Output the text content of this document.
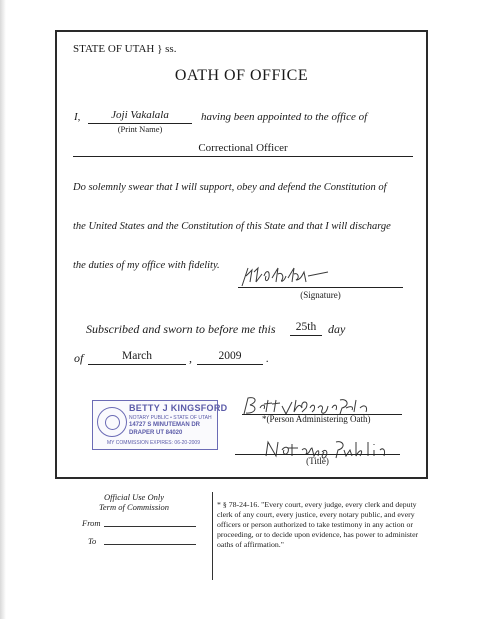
STATE OF UTAH } ss.
OATH OF OFFICE
I,	Joji Vakalala
(Print Name)
having been appointed to the office of
Correctional Officer
Do solemnly swear that I will support, obey and defend the Constitution of
the United States and the Constitution of this State and that I will discharge
the duties of my office with fidelity.
(Signature)
Subscribed and sworn to before me this	25th day
of	March	,	2009	.
BETTY J KINGSFORD
NOTARY PUBLIC • STATE OF UTAH
14727 S MINUTEMAN DR
DRAPER UT 84020
MY COMMISSION EXPIRES: 06-20-2009
*(Person Administering Oath)
(Title)
Official Use Only
Term of Commission
From
To
* § 78-24-16. "Every court, every judge, every clerk and deputy clerk of any court, every justice, every notary public, and every officers or person authorized to take testimony in any action or proceeding, or to decide upon evidence, has power to administer oaths of affirmation."
